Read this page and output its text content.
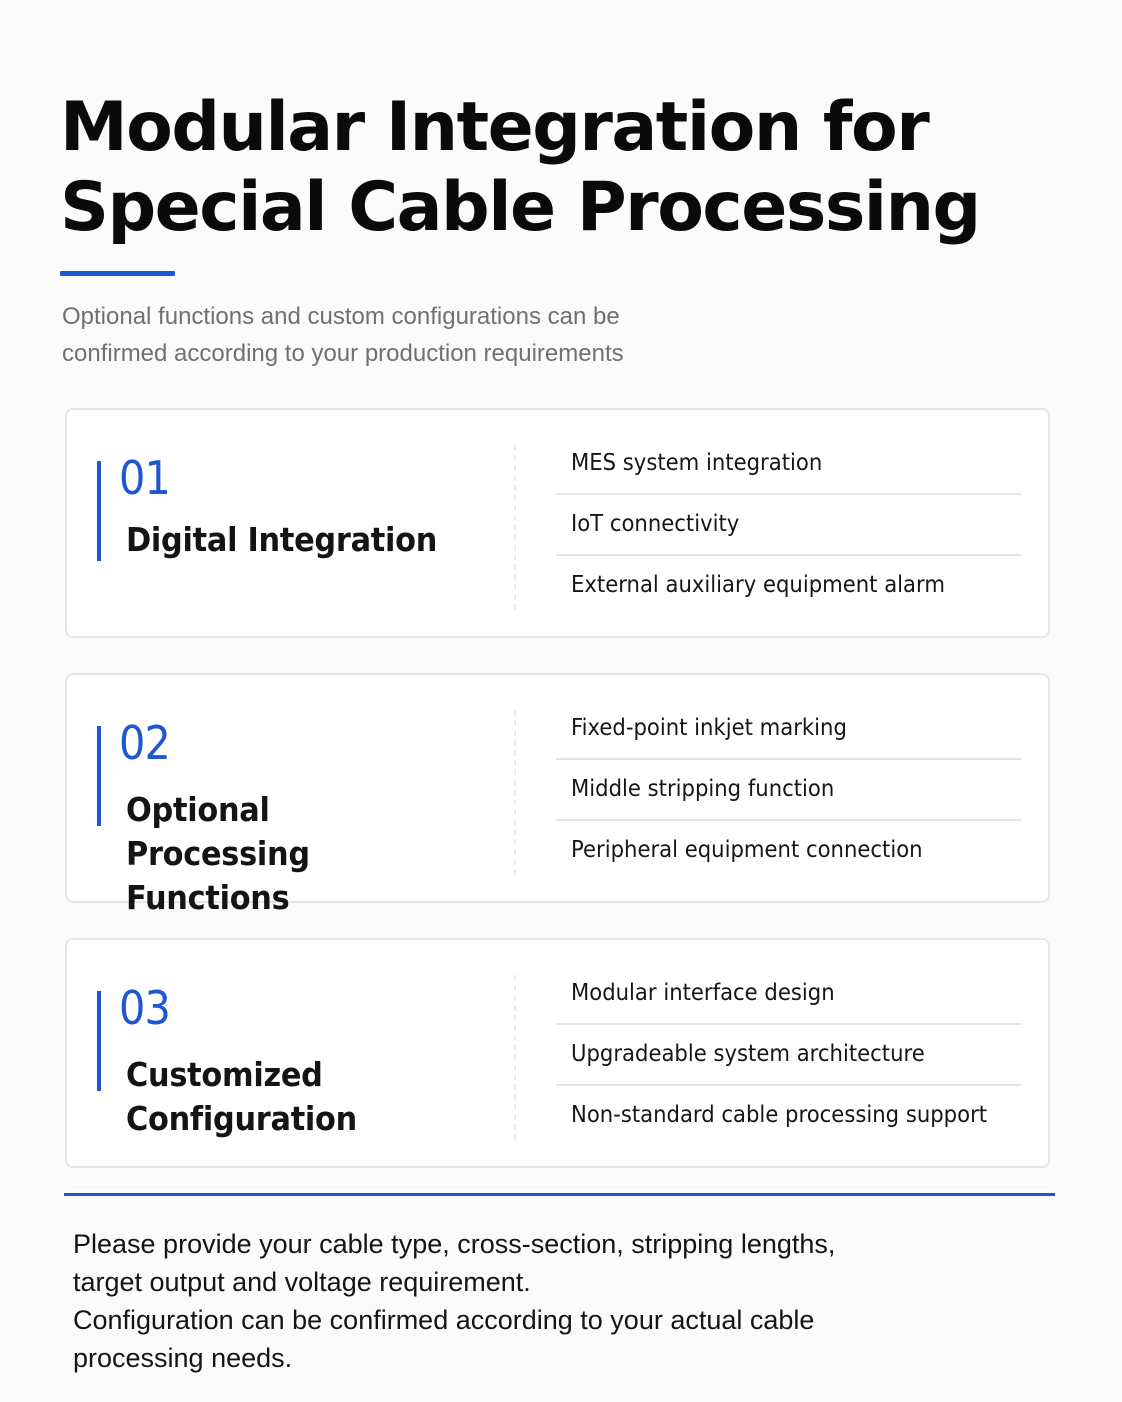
Modular Integration for
Special Cable Processing

Optional functions and custom configurations can be
confirmed according to your production requirements

01
Digital Integration
MES system integration
IoT connectivity
External auxiliary equipment alarm
02
Optional Processing Functions
Fixed-point inkjet marking
Middle stripping function
Peripheral equipment connection
03
Customized Configuration
Modular interface design
Upgradeable system architecture
Non-standard cable processing support

Please provide your cable type, cross-section, stripping lengths,

target output and voltage requirement.

Configuration can be confirmed according to your actual cable

processing needs.
